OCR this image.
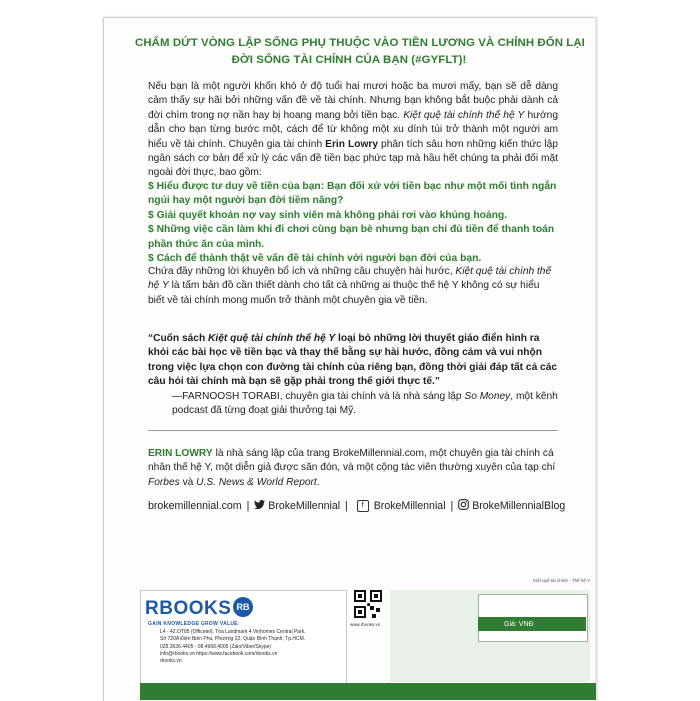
CHẤM DỨT VÒNG LẶP SỐNG PHỤ THUỘC VÀO TIỀN LƯƠNG VÀ CHỈNH ĐỐN LẠI
ĐỜI SỐNG TÀI CHÍNH CỦA BẠN (#GYFLT)!
Nếu bạn là một người khốn khó ở độ tuổi hai mươi hoặc ba mươi mấy, bạn sẽ dễ dàng cảm thấy sự hãi bởi những vấn đề về tài chính. Nhưng bạn không bắt buộc phải dành cả đời chìm trong nợ nần hay bị hoang mang bởi tiền bạc. Kiệt quệ tài chính thế hệ Y hướng dẫn cho bạn từng bước một, cách để từ không một xu dính túi trở thành một người am hiểu về tài chính. Chuyên gia tài chính Erin Lowry phân tích sâu hơn những kiến thức lập ngân sách cơ bản để xử lý các vấn đề tiền bạc phức tạp mà hầu hết chúng ta phải đối mặt ngoài đời thực, bao gồm:
$ Hiểu được tư duy về tiền của bạn: Bạn đối xử với tiền bạc như một mối tình ngắn
ngủi hay một người bạn đời tiềm năng?
$ Giải quyết khoản nợ vay sinh viên mà không phải rơi vào khủng hoảng.
$ Những việc cần làm khi đi chơi cùng bạn bè nhưng bạn chỉ đủ tiền để thanh toán
phần thức ăn của mình.
$ Cách để thành thật về vấn đề tài chính với người bạn đời của bạn.
Chứa đầy những lời khuyên bổ ích và những câu chuyện hài hước, Kiệt quệ tài chính thế hệ Y là tấm bản đồ cần thiết dành cho tất cả những ai thuộc thế hệ Y không có sự hiểu biết về tài chính mong muốn trở thành một chuyên gia về tiền.
“Cuốn sách Kiệt quệ tài chính thế hệ Y loại bỏ những lời thuyết giáo điển hình ra khỏi các bài học về tiền bạc và thay thế bằng sự hài hước, đồng cảm và vui nhộn trong việc lựa chọn con đường tài chính của riêng bạn, đồng thời giải đáp tất cả các câu hỏi tài chính mà bạn sẽ gặp phải trong thế giới thực tế.”
—FARNOOSH TORABI, chuyên gia tài chính và là nhà sáng lập So Money, một kênh podcast đã từng đoạt giải thưởng tại Mỹ.
ERIN LOWRY là nhà sáng lập của trang BrokeMillennial.com, một chuyên gia tài chính cá nhân thế hệ Y, một diễn giả được săn đón, và một cộng tác viên thường xuyên của tạp chí Forbes và U.S. News & World Report.
brokemillennial.com | BrokeMillennial | f BrokeMillennial | BrokeMillennialBlog
RBOOKS RB
GAIN KNOWLEDGE GROW VALUE
L4 - 42.OT05 (Officetel), Tòa Landmark 4 Vinhomes Central Park,
Số 720A Điện Biên Phủ, Phường 22, Quận Bình Thạnh, Tp.HCM.
028.3636.4405 - 08.4968.4005 (Zalo/Viber/Skype)
info@rbooks.vn https://www.facebook.com/rbooks.vn
rbooks.vn
www.rbooks.vn
Kiệt quệ tài chính - Thế hệ Y
Giá: VNĐ
